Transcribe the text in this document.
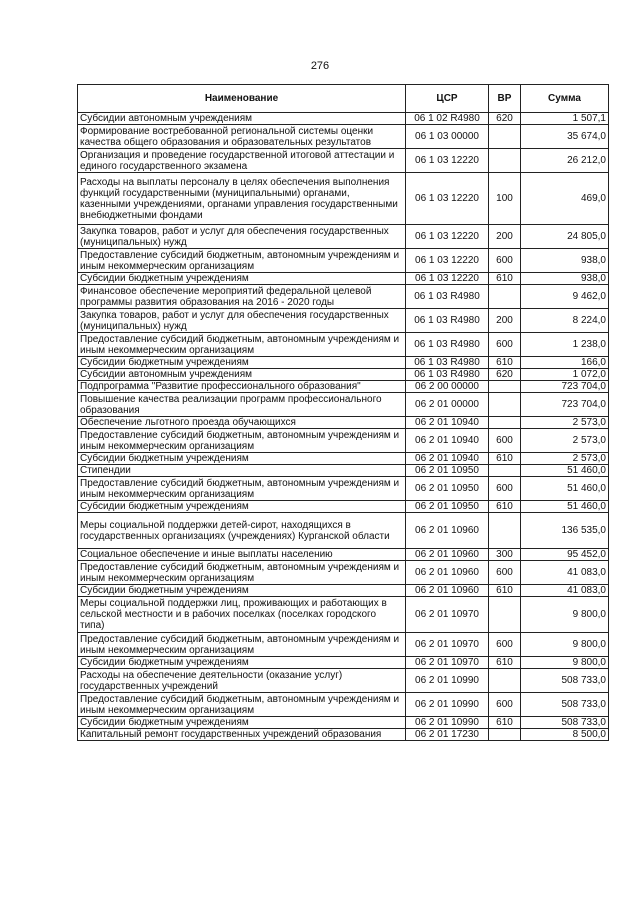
276
Наименование	ЦСР	ВР	Сумма
Субсидии автономным учреждениям	06 1 02 R4980	620	1 507,1
Формирование востребованной региональной системы оценки качества общего образования и образовательных результатов	06 1 03 00000		35 674,0
Организация и проведение государственной итоговой аттестации и единого государственного экзамена	06 1 03 12220		26 212,0
Расходы на выплаты персоналу в целях обеспечения выполнения функций государственными (муниципальными) органами, казенными учреждениями, органами управления государственными внебюджетными фондами	06 1 03 12220	100	469,0
Закупка товаров, работ и услуг для обеспечения государственных (муниципальных) нужд	06 1 03 12220	200	24 805,0
Предоставление субсидий бюджетным, автономным учреждениям и иным некоммерческим организациям	06 1 03 12220	600	938,0
Субсидии бюджетным учреждениям	06 1 03 12220	610	938,0
Финансовое обеспечение мероприятий федеральной целевой программы развития образования на 2016 - 2020 годы	06 1 03 R4980		9 462,0
Закупка товаров, работ и услуг для обеспечения государственных (муниципальных) нужд	06 1 03 R4980	200	8 224,0
Предоставление субсидий бюджетным, автономным учреждениям и иным некоммерческим организациям	06 1 03 R4980	600	1 238,0
Субсидии бюджетным учреждениям	06 1 03 R4980	610	166,0
Субсидии автономным учреждениям	06 1 03 R4980	620	1 072,0
Подпрограмма "Развитие профессионального образования"	06 2 00 00000		723 704,0
Повышение качества реализации программ профессионального образования	06 2 01 00000		723 704,0
Обеспечение льготного проезда обучающихся	06 2 01 10940		2 573,0
Предоставление субсидий бюджетным, автономным учреждениям и иным некоммерческим организациям	06 2 01 10940	600	2 573,0
Субсидии бюджетным учреждениям	06 2 01 10940	610	2 573,0
Стипендии	06 2 01 10950		51 460,0
Предоставление субсидий бюджетным, автономным учреждениям и иным некоммерческим организациям	06 2 01 10950	600	51 460,0
Субсидии бюджетным учреждениям	06 2 01 10950	610	51 460,0
Меры социальной поддержки детей-сирот, находящихся в государственных организациях (учреждениях) Курганской области	06 2 01 10960		136 535,0
Социальное обеспечение и иные выплаты населению	06 2 01 10960	300	95 452,0
Предоставление субсидий бюджетным, автономным учреждениям и иным некоммерческим организациям	06 2 01 10960	600	41 083,0
Субсидии бюджетным учреждениям	06 2 01 10960	610	41 083,0
Меры социальной поддержки лиц, проживающих и работающих в сельской местности и в рабочих поселках (поселках городского типа)	06 2 01 10970		9 800,0
Предоставление субсидий бюджетным, автономным учреждениям и иным некоммерческим организациям	06 2 01 10970	600	9 800,0
Субсидии бюджетным учреждениям	06 2 01 10970	610	9 800,0
Расходы на обеспечение деятельности (оказание услуг) государственных учреждений	06 2 01 10990		508 733,0
Предоставление субсидий бюджетным, автономным учреждениям и иным некоммерческим организациям	06 2 01 10990	600	508 733,0
Субсидии бюджетным учреждениям	06 2 01 10990	610	508 733,0
Капитальный ремонт государственных учреждений образования	06 2 01 17230		8 500,0
